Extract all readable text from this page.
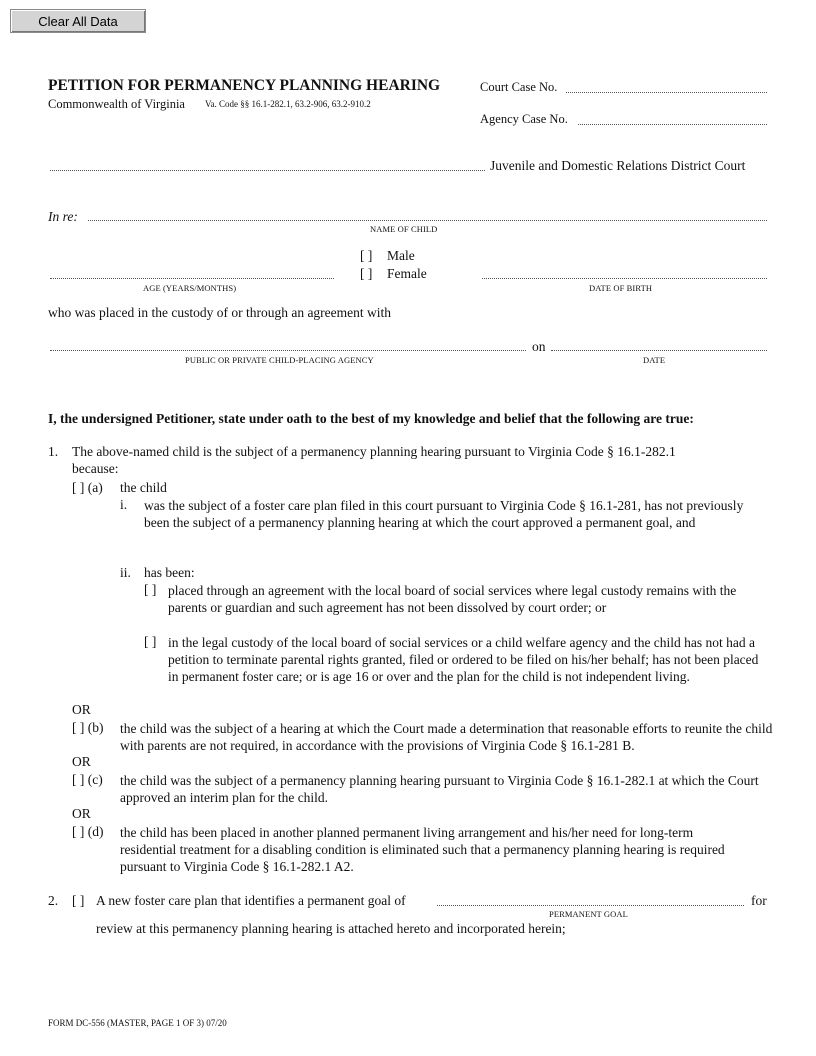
Clear All Data
PETITION FOR PERMANENCY PLANNING HEARING
Commonwealth of Virginia Va. Code §§ 16.1-282.1, 63.2-906, 63.2-910.2
Court Case No.
Agency Case No.
Juvenile and Domestic Relations District Court
In re:
NAME OF CHILD
[ ] Male
[ ] Female
AGE (YEARS/MONTHS)	DATE OF BIRTH
who was placed in the custody of or through an agreement with
on
PUBLIC OR PRIVATE CHILD-PLACING AGENCY	DATE
I, the undersigned Petitioner, state under oath to the best of my knowledge and belief that the following are true:
1. The above-named child is the subject of a permanency planning hearing pursuant to Virginia Code § 16.1-282.1
because:
[ ] (a) the child
i. was the subject of a foster care plan filed in this court pursuant to Virginia Code § 16.1-281, has not previously been the subject of a permanency planning hearing at which the court approved a permanent goal, and
ii. has been:
[ ] placed through an agreement with the local board of social services where legal custody remains with the parents or guardian and such agreement has not been dissolved by court order; or
[ ] in the legal custody of the local board of social services or a child welfare agency and the child has not had a petition to terminate parental rights granted, filed or ordered to be filed on his/her behalf; has not been placed in permanent foster care; or is age 16 or over and the plan for the child is not independent living.
OR
[ ] (b) the child was the subject of a hearing at which the Court made a determination that reasonable efforts to reunite the child with parents are not required, in accordance with the provisions of Virginia Code § 16.1-281 B.
OR
[ ] (c) the child was the subject of a permanency planning hearing pursuant to Virginia Code § 16.1-282.1 at which the Court approved an interim plan for the child.
OR
[ ] (d) the child has been placed in another planned permanent living arrangement and his/her need for long-term residential treatment for a disabling condition is eliminated such that a permanency planning hearing is required pursuant to Virginia Code § 16.1-282.1 A2.
2. [ ] A new foster care plan that identifies a permanent goal of	for
PERMANENT GOAL
review at this permanency planning hearing is attached hereto and incorporated herein;
FORM DC-556 (MASTER, PAGE 1 OF 3) 07/20
